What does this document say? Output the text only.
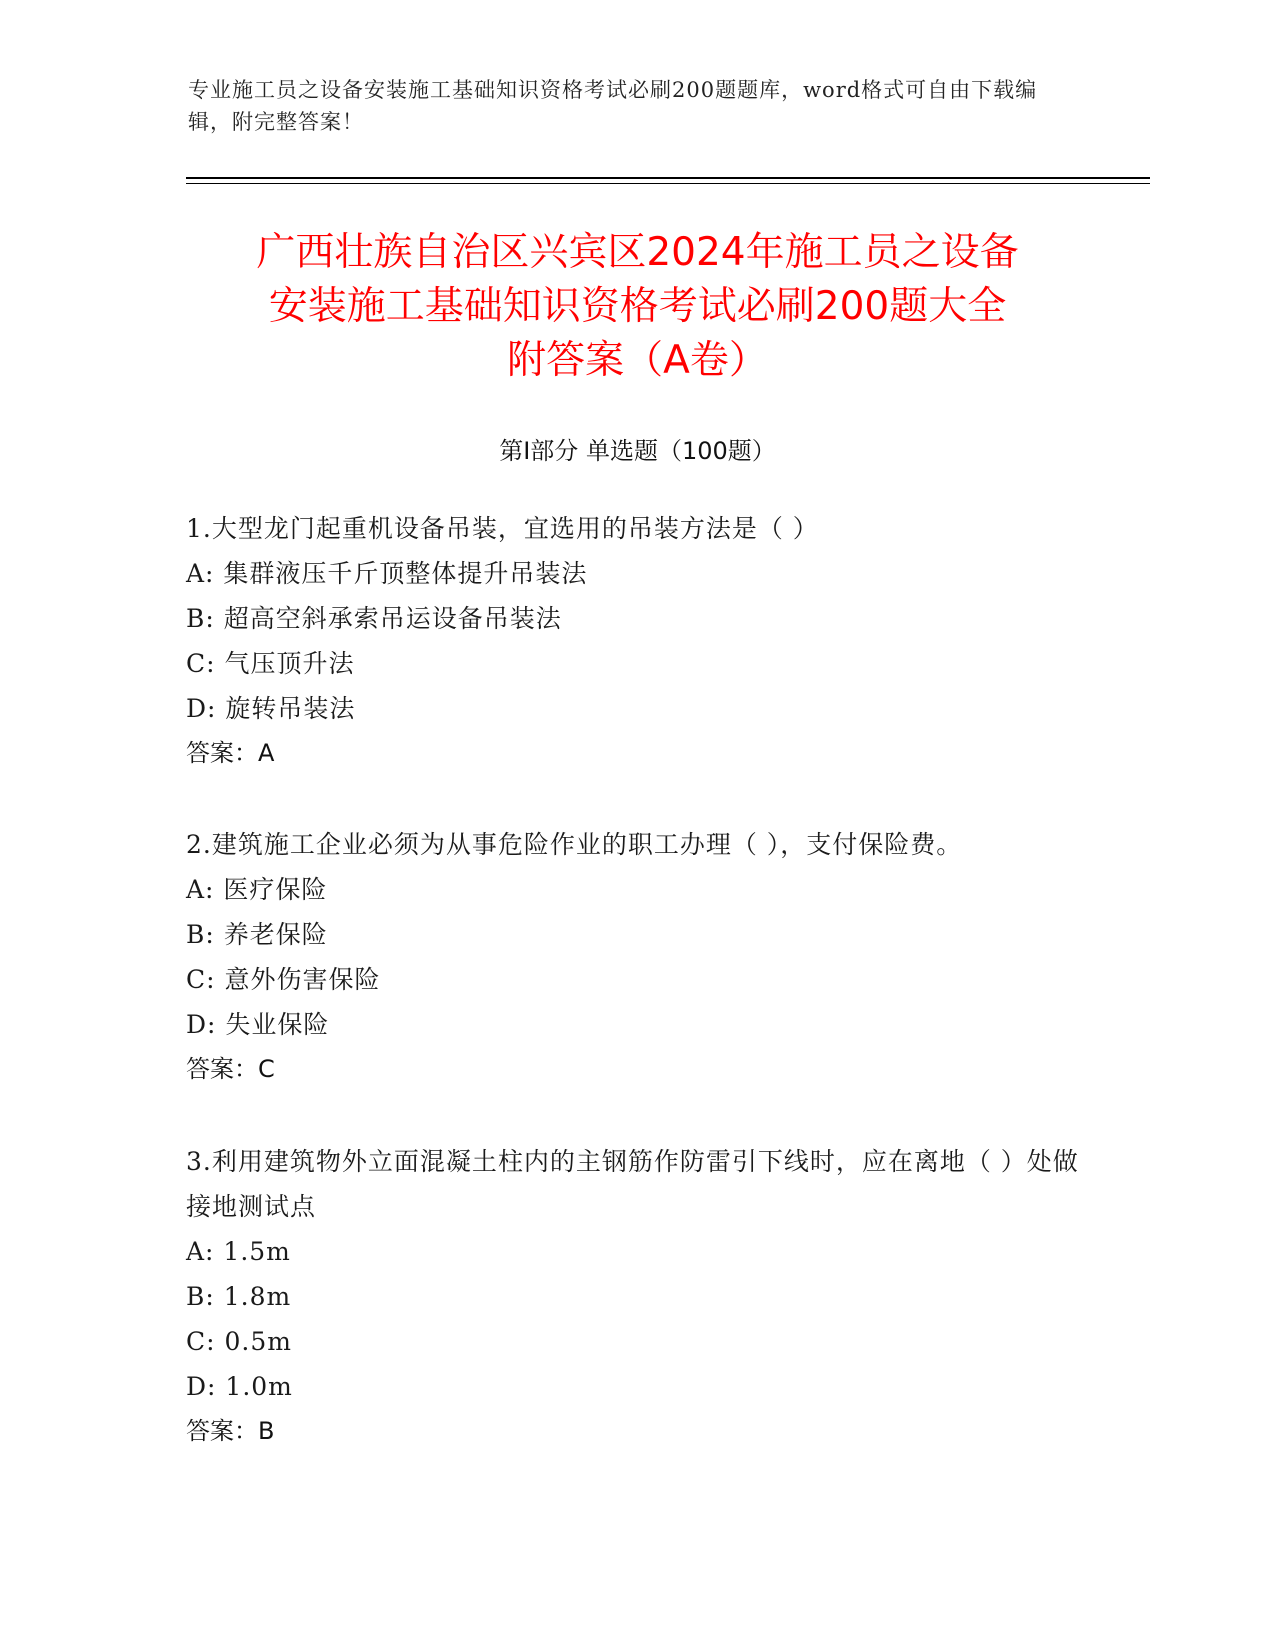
专业施工员之设备安装施工基础知识资格考试必刷200题题库，word格式可自由下载编辑，附完整答案！
广西壮族自治区兴宾区2024年施工员之设备
安装施工基础知识资格考试必刷200题大全
附答案（A卷）
第I部分 单选题（100题）
1.大型龙门起重机设备吊装，宜选用的吊装方法是（ ）
A: 集群液压千斤顶整体提升吊装法
B: 超高空斜承索吊运设备吊装法
C: 气压顶升法
D: 旋转吊装法
答案：A
2.建筑施工企业必须为从事危险作业的职工办理（ ），支付保险费。
A: 医疗保险
B: 养老保险
C: 意外伤害保险
D: 失业保险
答案：C
3.利用建筑物外立面混凝土柱内的主钢筋作防雷引下线时，应在离地（ ）处做接地测试点
A: 1.5m
B: 1.8m
C: 0.5m
D: 1.0m
答案：B
